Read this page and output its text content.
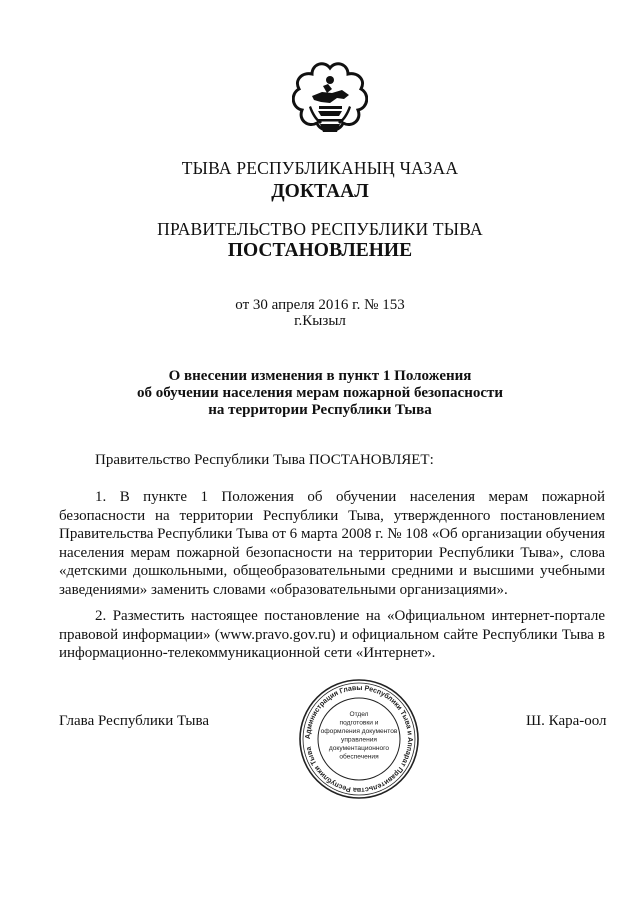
ТЫВА РЕСПУБЛИКАНЫҢ ЧАЗАА
ДОКТААЛ
ПРАВИТЕЛЬСТВО РЕСПУБЛИКИ ТЫВА
ПОСТАНОВЛЕНИЕ
от 30 апреля 2016 г. № 153
г.Кызыл
О внесении изменения в пункт 1 Положения
об обучении населения мерам пожарной безопасности
на территории Республики Тыва
Правительство Республики Тыва ПОСТАНОВЛЯЕТ:
1. В пункте 1 Положения об обучении населения мерам пожарной безопасности на территории Республики Тыва, утвержденного постановлением Правительства Республики Тыва от 6 марта 2008 г. № 108 «Об организации обучения населения мерам пожарной безопасности на территории Республики Тыва», слова «детскими дошкольными, общеобразовательными средними и высшими учебными заведениями» заменить словами «образовательными организациями».
2. Разместить настоящее постановление на «Официальном интернет-портале правовой информации» (www.pravo.gov.ru) и официальном сайте Республики Тыва в информационно-телекоммуникационной сети «Интернет».
Глава Республики Тыва
Администрация Главы Республики Тыва и Аппарат Правительства Республики Тыва
Отдел
подготовки и
оформления документов
управления
документационного
обеспечения
Ш. Кара-оол
